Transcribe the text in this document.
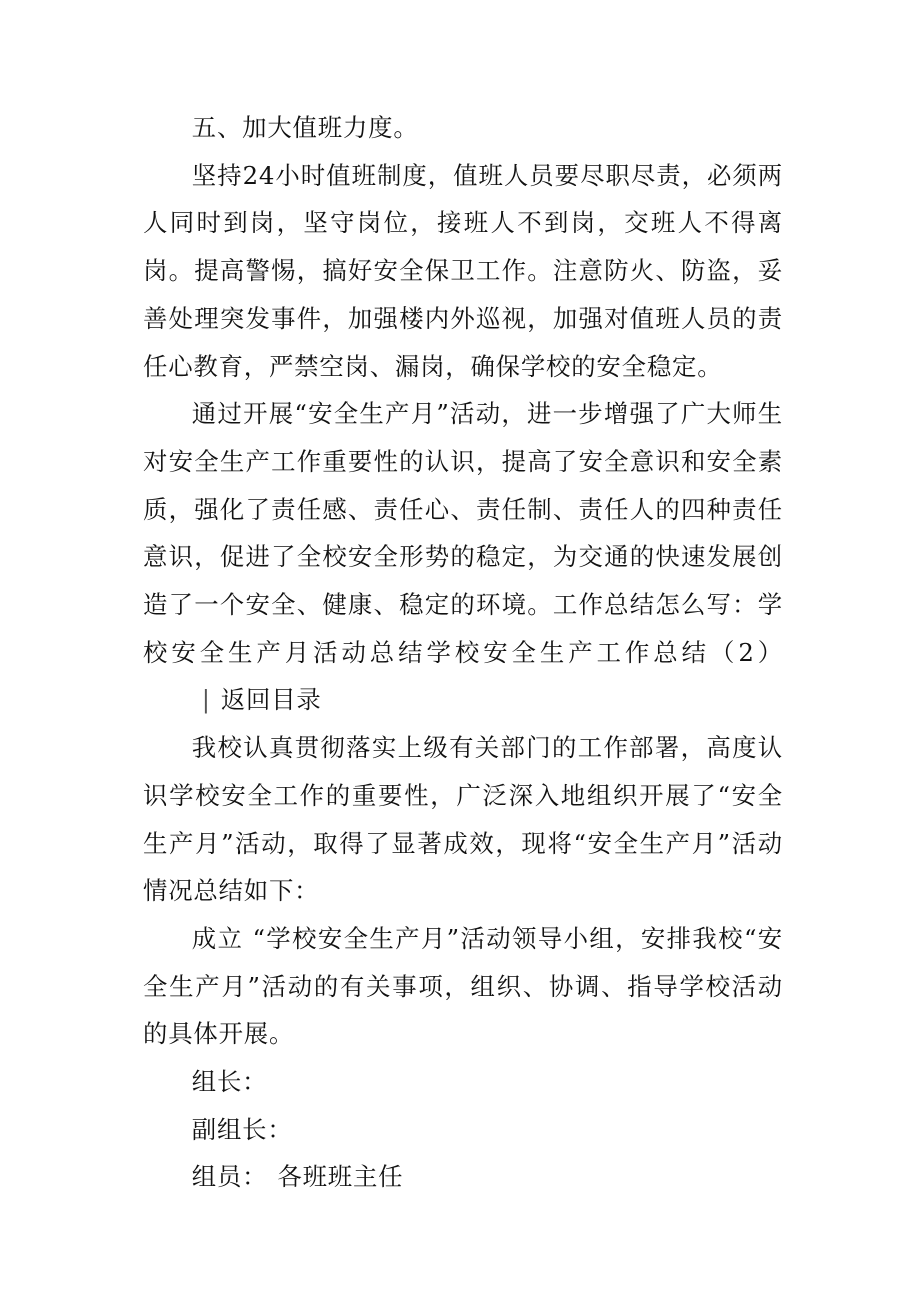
五、加大值班力度。

坚持24小时值班制度，值班人员要尽职尽责，必须两人同时到岗，坚守岗位，接班人不到岗，交班人不得离岗。提高警惕，搞好安全保卫工作。注意防火、防盗，妥善处理突发事件，加强楼内外巡视，加强对值班人员的责任心教育，严禁空岗、漏岗，确保学校的安全稳定。

通过开展“安全生产月”活动，进一步增强了广大师生对安全生产工作重要性的认识，提高了安全意识和安全素质，强化了责任感、责任心、责任制、责任人的四种责任意识，促进了全校安全形势的稳定，为交通的快速发展创造了一个安全、健康、稳定的环境。工作总结怎么写：学校安全生产月活动总结学校安全生产工作总结（2）| 返回目录

我校认真贯彻落实上级有关部门的工作部署，高度认识学校安全工作的重要性，广泛深入地组织开展了“安全生产月”活动，取得了显著成效，现将“安全生产月”活动情况总结如下：

成立 “学校安全生产月”活动领导小组，安排我校“安全生产月”活动的有关事项，组织、协调、指导学校活动的具体开展。

组长：

副组长：

组员： 各班班主任
